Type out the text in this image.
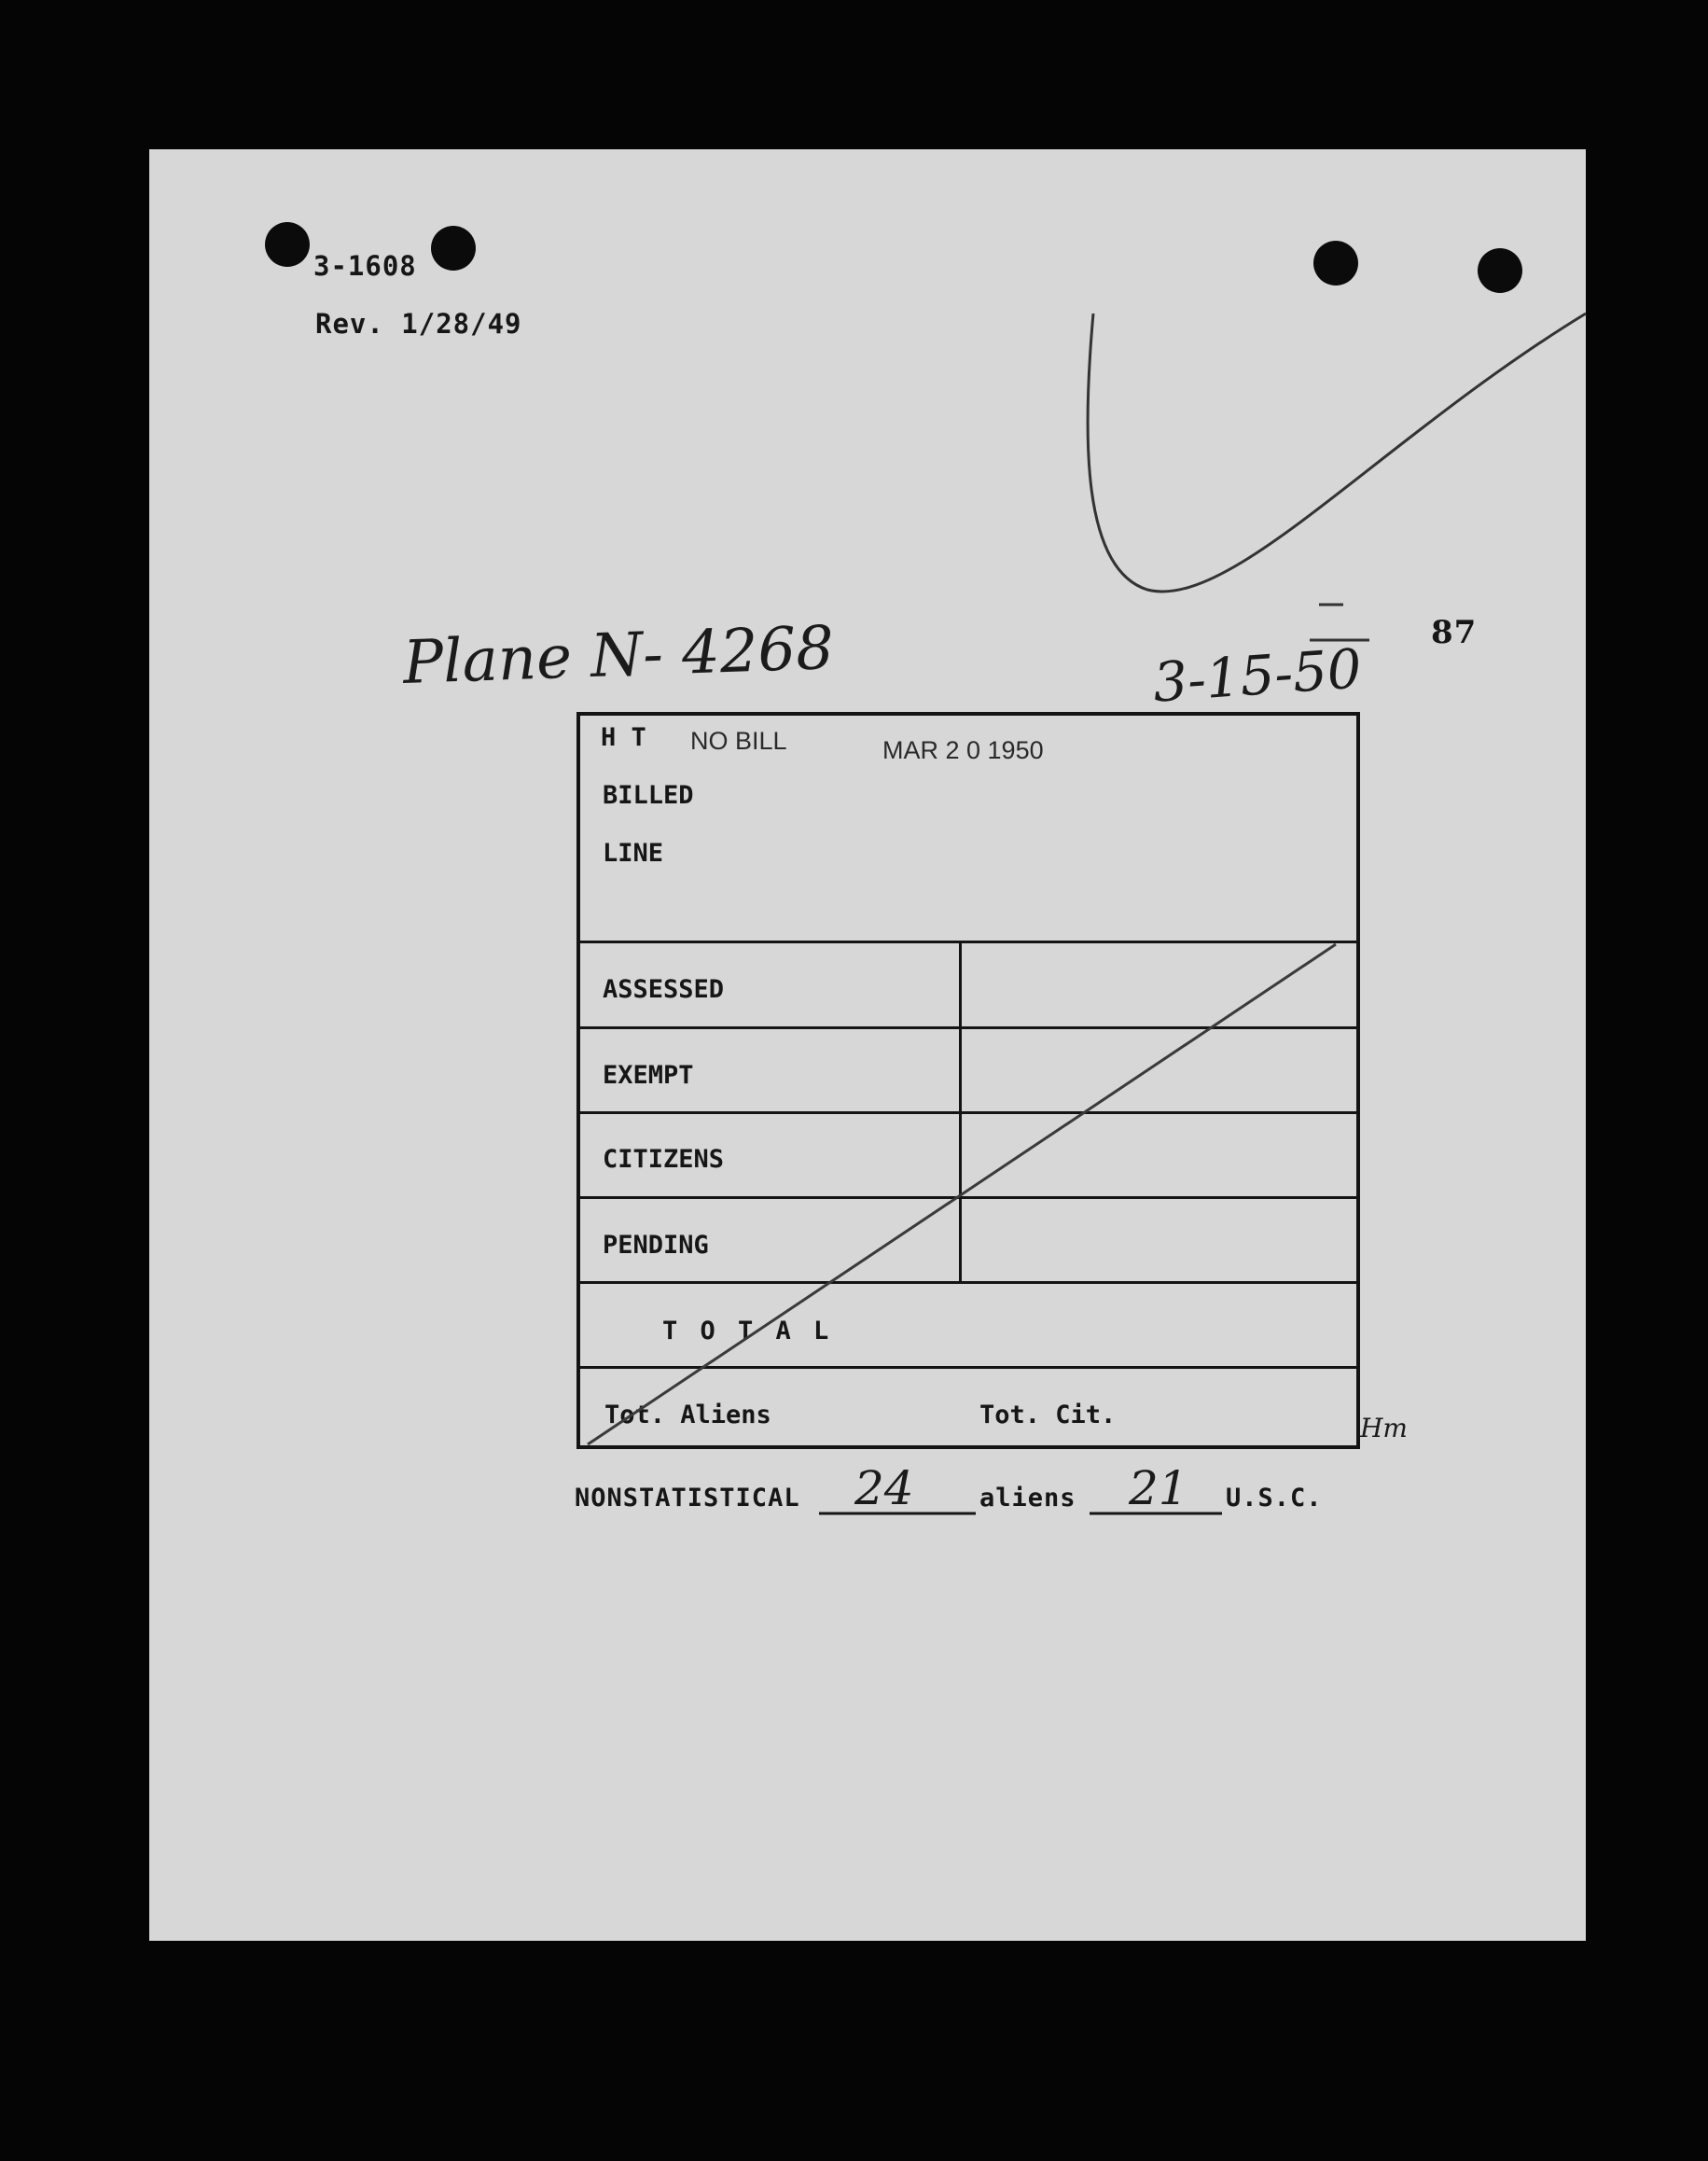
3-1608
Rev. 1/28/49
87
Plane N- 4268	3-15-50
H T NO BILL	MAR 2 0 1950
BILLED
LINE
ASSESSED
EXEMPT
CITIZENS
PENDING
T O T A L
Tot. Aliens	Tot. Cit.	Hm
NONSTATISTICAL 24	aliens 21 U.S.C.
